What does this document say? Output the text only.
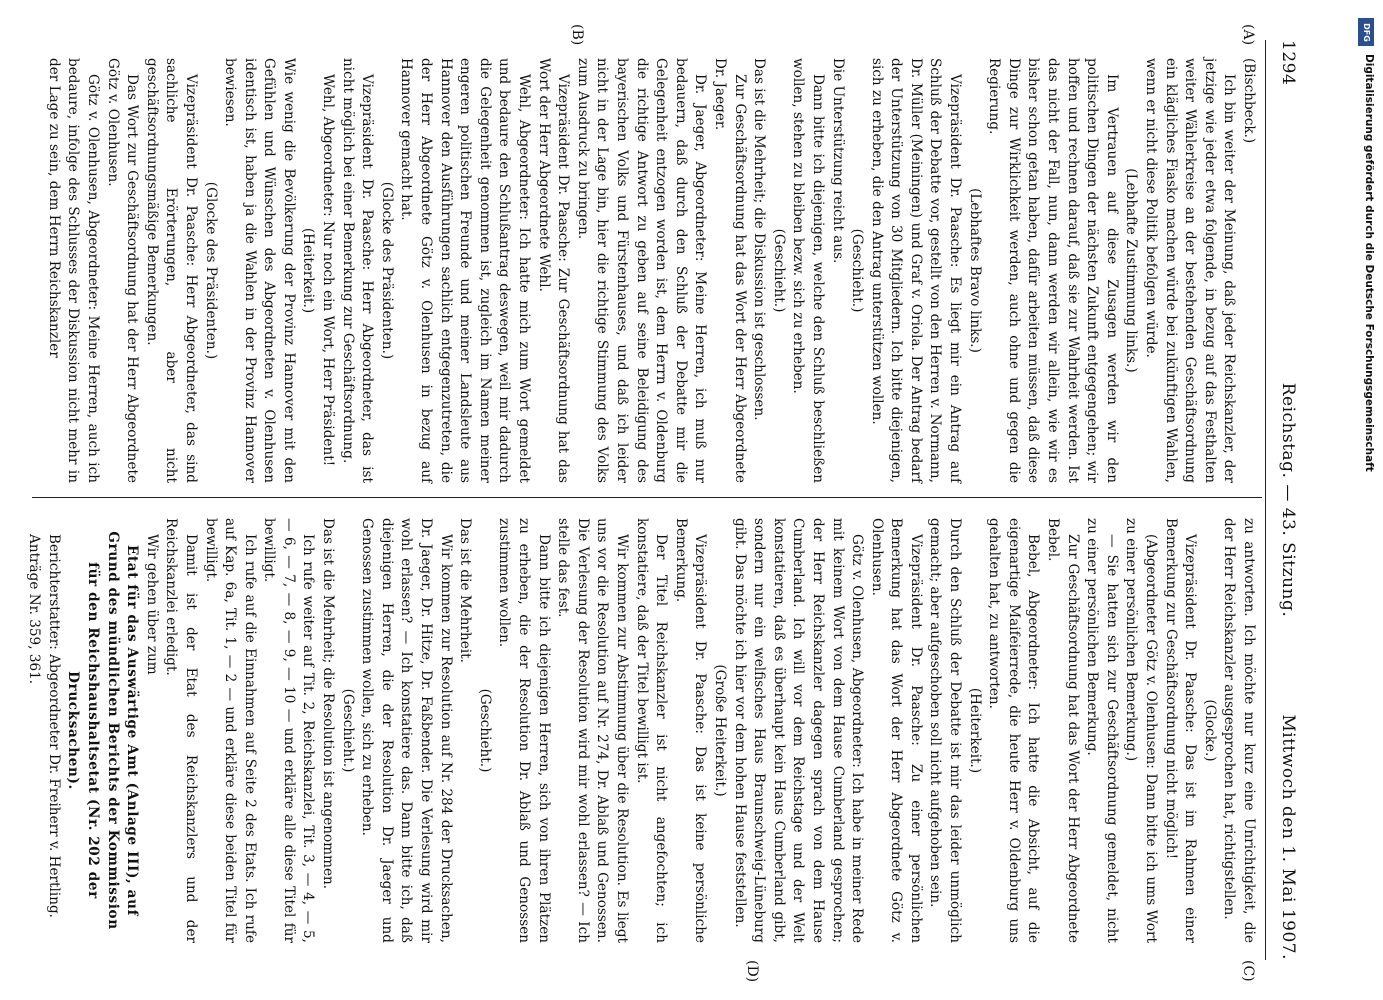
1294
Reichstag. — 43. Sitzung.
Mittwoch den 1. Mai 1907.
(A)
(B)
(C)
(D)

(Bischbeck.)

Ich bin weiter der Meinung, daß jeder Reichskanzler, der jetzige wie jeder etwa folgende, in bezug auf das Festhalten weiter Wählerkreise an der bestehenden Geschäftsordnung ein klägliches Fiasko machen würde bei zukünftigen Wahlen, wenn er nicht diese Politik befolgen würde.

(Lebhafte Zustimmung links.)

Im Vertrauen auf diese Zusagen werden wir den politischen Dingen der nächsten Zukunft entgegengehen; wir hoffen und rechnen darauf, daß sie zur Wahrheit werden. Ist das nicht der Fall, nun, dann werden wir allein, wie wir es bisher schon getan haben, dafür arbeiten müssen, daß diese Dinge zur Wirklichkeit werden, auch ohne und gegen die Regierung.

(Lebhaftes Bravo links.)

Vizepräsident Dr. Paasche: Es liegt mir ein Antrag auf Schluß der Debatte vor, gestellt von den Herren v. Normann, Dr. Müller (Meiningen) und Graf v. Oriola. Der Antrag bedarf der Unterstützung von 30 Mitgliedern. Ich bitte diejenigen, sich zu erheben, die den Antrag unterstützen wollen.

(Geschieht.)

Die Unterstützung reicht aus.

Dann bitte ich diejenigen, welche den Schluß beschließen wollen, stehen zu bleiben bezw. sich zu erheben.

(Geschieht.)

Das ist die Mehrheit; die Diskussion ist geschlossen.

Zur Geschäftsordnung hat das Wort der Herr Abgeordnete Dr. Jaeger.

Dr. Jaeger, Abgeordneter: Meine Herren, ich muß nur bedauern, daß durch den Schluß der Debatte mir die Gelegenheit entzogen worden ist, dem Herrn v. Oldenburg die richtige Antwort zu geben auf seine Beleidigung des bayerischen Volks und Fürstenhauses, und daß ich leider nicht in der Lage bin, hier die richtige Stimmung des Volks zum Ausdruck zu bringen.

Vizepräsident Dr. Paasche: Zur Geschäftsordnung hat das Wort der Herr Abgeordnete Wehl.

Wehl, Abgeordneter: Ich hatte mich zum Wort gemeldet und bedaure den Schlußantrag deswegen, weil mir dadurch die Gelegenheit genommen ist, zugleich im Namen meiner engeren politischen Freunde und meiner Landsleute aus Hannover den Ausführungen sachlich entgegenzutreten, die der Herr Abgeordnete Götz v. Olenhusen in bezug auf Hannover gemacht hat.

(Glocke des Präsidenten.)

Vizepräsident Dr. Paasche: Herr Abgeordneter, das ist nicht möglich bei einer Bemerkung zur Geschäftsordnung.

Wehl, Abgeordneter: Nur noch ein Wort, Herr Präsident!

(Heiterkeit.)

Wie wenig die Bevölkerung der Provinz Hannover mit den Gefühlen und Wünschen des Abgeordneten v. Olenhusen identisch ist, haben ja die Wahlen in der Provinz Hannover bewiesen.

(Glocke des Präsidenten.)

Vizepräsident Dr. Paasche: Herr Abgeordneter, das sind sachliche Erörterungen, aber nicht geschäftsordnungsmäßige Bemerkungen.

Das Wort zur Geschäftsordnung hat der Herr Abgeordnete Götz v. Olenhusen.

Götz v. Olenhusen, Abgeordneter: Meine Herren, auch ich bedaure, infolge des Schlusses der Diskussion nicht mehr in der Lage zu sein, dem Herrn Reichskanzler

zu antworten. Ich möchte nur kurz eine Unrichtigkeit, die der Herr Reichskanzler ausgesprochen hat, richtigstellen.

(Glocke.)

Vizepräsident Dr. Paasche: Das ist im Rahmen einer Bemerkung zur Geschäftsordnung nicht möglich!

(Abgeordneter Götz v. Olenhusen: Dann bitte ich ums Wort zu einer persönlichen Bemerkung.)

— Sie hatten sich zur Geschäftsordnung gemeldet, nicht zu einer persönlichen Bemerkung.

Zur Geschäftsordnung hat das Wort der Herr Abgeordnete Bebel.

Bebel, Abgeordneter: Ich hatte die Absicht, auf die eigenartige Maifeierrede, die heute Herr v. Oldenburg uns gehalten hat, zu antworten.

(Heiterkeit.)

Durch den Schluß der Debatte ist mir das leider unmöglich gemacht; aber aufgeschoben soll nicht aufgehoben sein.

Vizepräsident Dr. Paasche: Zu einer persönlichen Bemerkung hat das Wort der Herr Abgeordnete Götz v. Olenhusen.

Götz v. Olenhusen, Abgeordneter: Ich habe in meiner Rede mit keinem Wort von dem Hause Cumberland gesprochen; der Herr Reichskanzler dagegen sprach von dem Hause Cumberland. Ich will vor dem Reichstage und der Welt konstatieren, daß es überhaupt kein Haus Cumberland gibt, sondern nur ein welfisches Haus Braunschweig-Lüneburg gibt. Das möchte ich hier vor dem hohen Hause feststellen.

(Große Heiterkeit.)

Vizepräsident Dr. Paasche: Das ist keine persönliche Bemerkung.

Der Titel Reichskanzler ist nicht angefochten; ich konstatiere, daß der Titel bewilligt ist.

Wir kommen zur Abstimmung über die Resolution. Es liegt uns vor die Resolution auf Nr. 274, Dr. Ablaß und Genossen. Die Verlesung der Resolution wird mir wohl erlassen? — Ich stelle das fest.

Dann bitte ich diejenigen Herren, sich von ihren Plätzen zu erheben, die der Resolution Dr. Ablaß und Genossen zustimmen wollen.

(Geschieht.)

Das ist die Mehrheit.

Wir kommen zur Resolution auf Nr. 284 der Drucksachen, Dr. Jaeger, Dr. Hitze, Dr. Faßbender. Die Verlesung wird mir wohl erlassen? — Ich konstatiere das. Dann bitte ich, daß diejenigen Herren, die der Resolution Dr. Jaeger und Genossen zustimmen wollen, sich zu erheben.

(Geschieht.)

Das ist die Mehrheit; die Resolution ist angenommen.

Ich rufe weiter auf Tit. 2, Reichskanzlei, Tit. 3, — 4, — 5, — 6, — 7, — 8, — 9, — 10 — und erkläre alle diese Titel für bewilligt.

Ich rufe auf die Einnahmen auf Seite 2 des Etats. Ich rufe auf Kap. 6a, Tit. 1, — 2 — und erkläre diese beiden Titel für bewilligt.

Damit ist der Etat des Reichskanzlers und der Reichskanzlei erledigt.

Wir gehen über zum

Etat für das Auswärtige Amt (Anlage III), auf Grund des mündlichen Berichts der Kommission für den Reichshaushaltsetat (Nr. 202 der Drucksachen).

Berichterstatter: Abgeordneter Dr. Freiherr v. Hertling.

Anträge Nr. 359, 361.

DFG
Digitalisierung gefördert durch die Deutsche Forschungsgemeinschaft
